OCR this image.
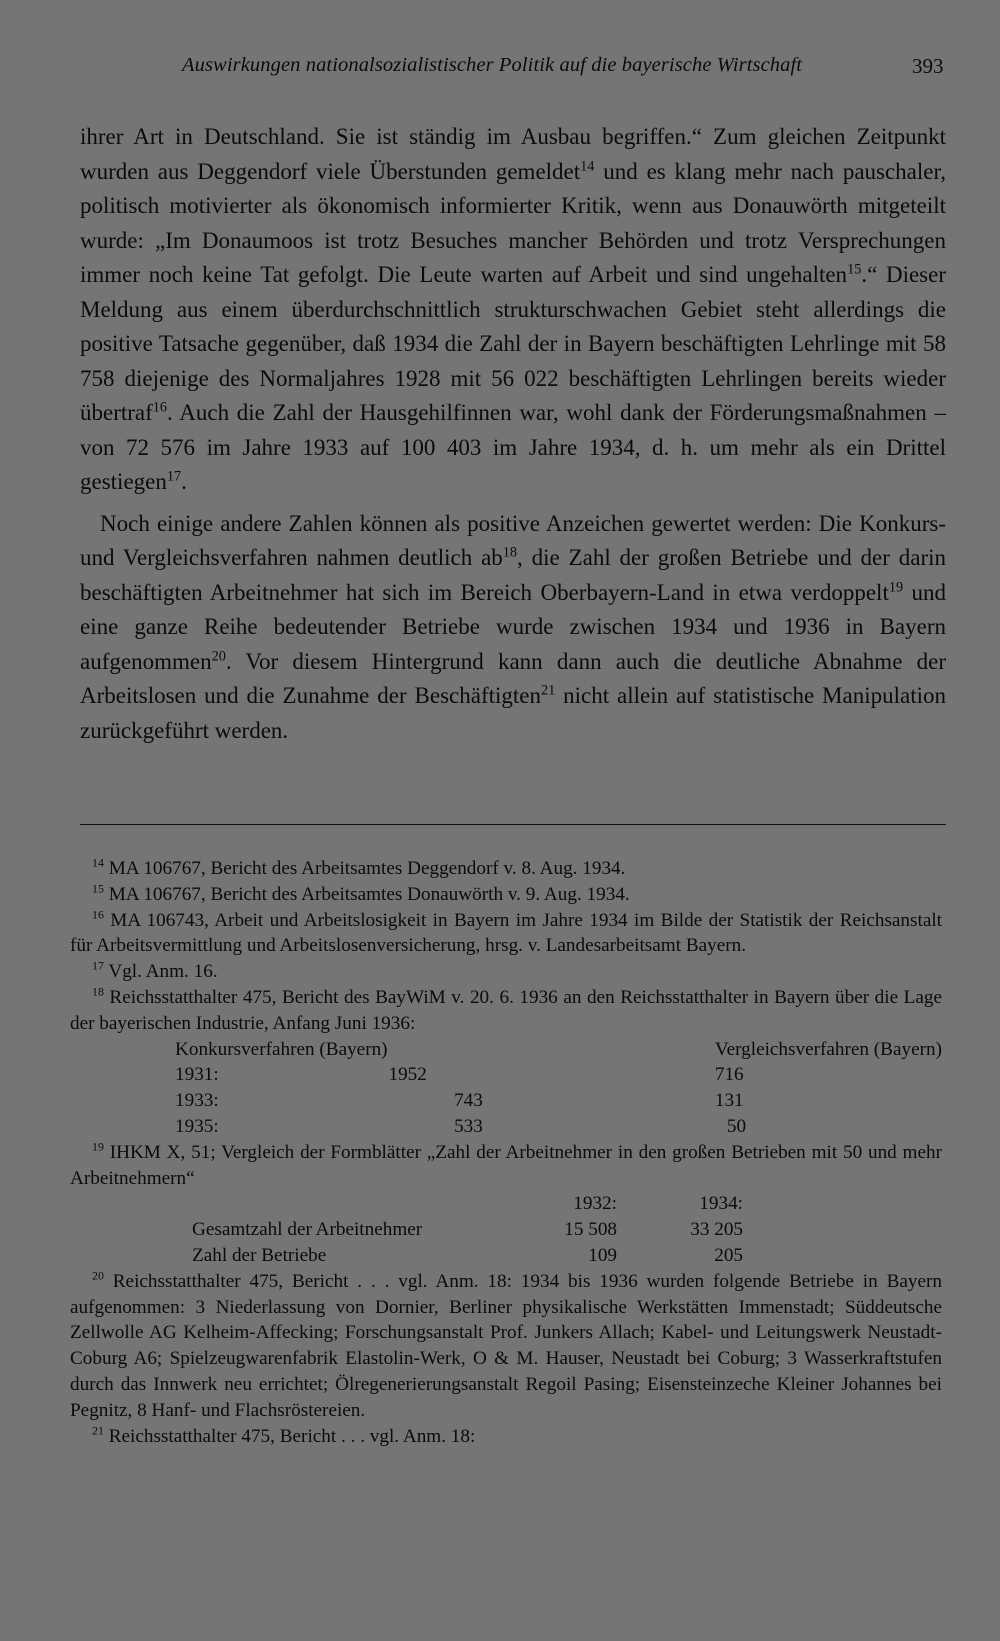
Auswirkungen nationalsozialistischer Politik auf die bayerische Wirtschaft	393

ihrer Art in Deutschland. Sie ist ständig im Ausbau begriffen.“ Zum gleichen Zeitpunkt wurden aus Deggendorf viele Überstunden gemeldet$^{14}$ und es klang mehr nach pauschaler, politisch motivierter als ökonomisch informierter Kritik, wenn aus Donauwörth mitgeteilt wurde: „Im Donaumoos ist trotz Besuches mancher Behörden und trotz Versprechungen immer noch keine Tat gefolgt. Die Leute warten auf Arbeit und sind ungehalten$^{15}$.“ Dieser Meldung aus einem überdurchschnittlich strukturschwachen Gebiet steht allerdings die positive Tatsache gegenüber, daß 1934 die Zahl der in Bayern beschäftigten Lehrlinge mit 58 758 diejenige des Normaljahres 1928 mit 56 022 beschäftigten Lehrlingen bereits wieder übertraf$^{16}$. Auch die Zahl der Hausgehilfinnen war, wohl dank der Förderungsmaßnahmen – von 72 576 im Jahre 1933 auf 100 403 im Jahre 1934, d. h. um mehr als ein Drittel gestiegen$^{17}$.

Noch einige andere Zahlen können als positive Anzeichen gewertet werden: Die Konkurs- und Vergleichsverfahren nahmen deutlich $ab^{18}$, die Zahl der großen Betriebe und der darin beschäftigten Arbeitnehmer hat sich im Bereich Oberbayern-Land in etwa verdoppelt$^{19}$ und eine ganze Reihe bedeutender Betriebe wurde zwischen 1934 und 1936 in Bayern aufgenommen$^{20}$. Vor diesem Hintergrund kann dann auch die deutliche Abnahme der Arbeitslosen und die Zunahme der Beschäftigten$^{21}$ nicht allein auf statistische Manipulation zurückgeführt werden.

$^{14}$ MA 106767, Bericht des Arbeitsamtes Deggendorf v. 8. Aug. 1934.

$^{15}$ MA 106767, Bericht des Arbeitsamtes Donauwörth v. 9. Aug. 1934.

$^{16}$ MA 106743, Arbeit und Arbeitslosigkeit in Bayern im Jahre 1934 im Bilde der Statistik der Reichsanstalt für Arbeitsvermittlung und Arbeitslosenversicherung, hrsg. v. Landesarbeitsamt Bayern.

$^{17}$ Vgl. Anm. 16.

$^{18}$ Reichsstatthalter 475, Bericht des BayWiM v. 20. 6. 1936 an den Reichsstatthalter in Bayern über die Lage der bayerischen Industrie, Anfang Juni 1936:

Konkursverfahren (Bayern)		Vergleichsverfahren (Bayern)
1931:	1952	716
1933:	743	131
1935:	533	50

$^{19}$ IHKM X, 51; Vergleich der Formblätter „Zahl der Arbeitnehmer in den großen Betrieben mit 50 und mehr Arbeitnehmern“

	1932:	1934:
Gesamtzahl der Arbeitnehmer	15 508	33 205
Zahl der Betriebe	109	205

$^{20}$ Reichsstatthalter 475, Bericht . . . vgl. Anm. 18: 1934 bis 1936 wurden folgende Betriebe in Bayern aufgenommen: 3 Niederlassung von Dornier, Berliner physikalische Werkstätten Immenstadt; Süddeutsche Zellwolle AG Kelheim-Affecking; Forschungsanstalt Prof. Junkers Allach; Kabel- und Leitungswerk Neustadt-Coburg A6; Spielzeugwarenfabrik Elastolin-Werk, O & M. Hauser, Neustadt bei Coburg; 3 Wasserkraftstufen durch das Innwerk neu errichtet; Ölregenerierungsanstalt Regoil Pasing; Eisensteinzeche Kleiner Johannes bei Pegnitz, 8 Hanf- und Flachsröstereien.

$^{21}$ Reichsstatthalter 475, Bericht . . . vgl. Anm. 18:
